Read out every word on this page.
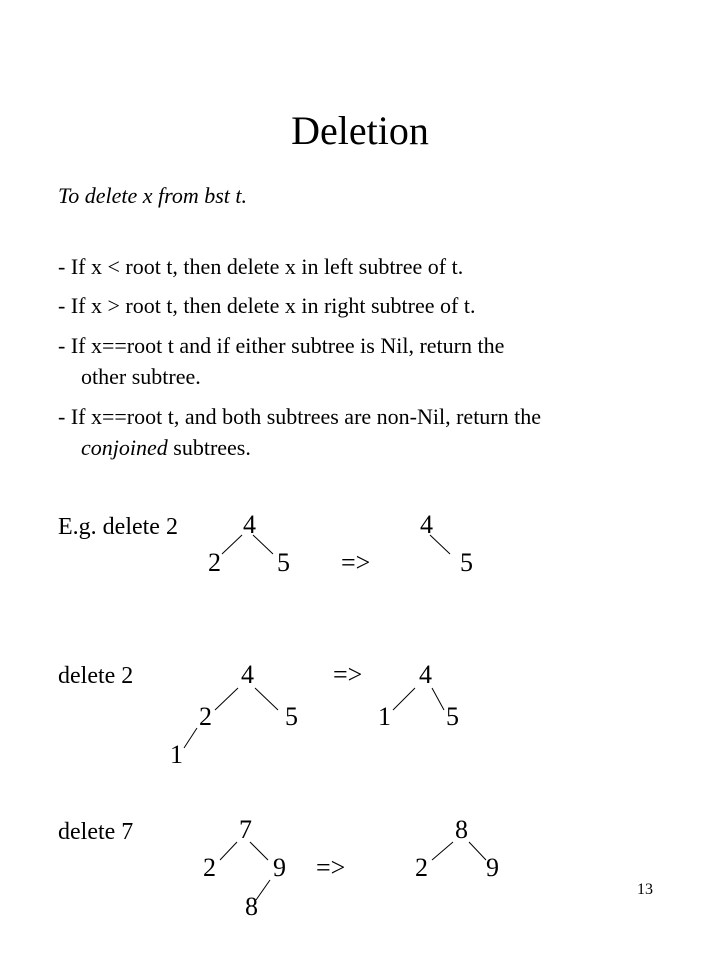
Deletion
To delete x from bst t.
- If x < root t, then delete x in left subtree of t.
- If x > root t, then delete x in right subtree of t.
- If x==root t and if either subtree is Nil, return the
other subtree.
- If x==root t, and both subtrees are non-Nil, return the
conjoined subtrees.
E.g. delete 2	4
2 5 =>
4
5
delete 2	4
2	5
1
=> 4
1 5
delete 7	7
2 9
8
=>
8
2 9
13
